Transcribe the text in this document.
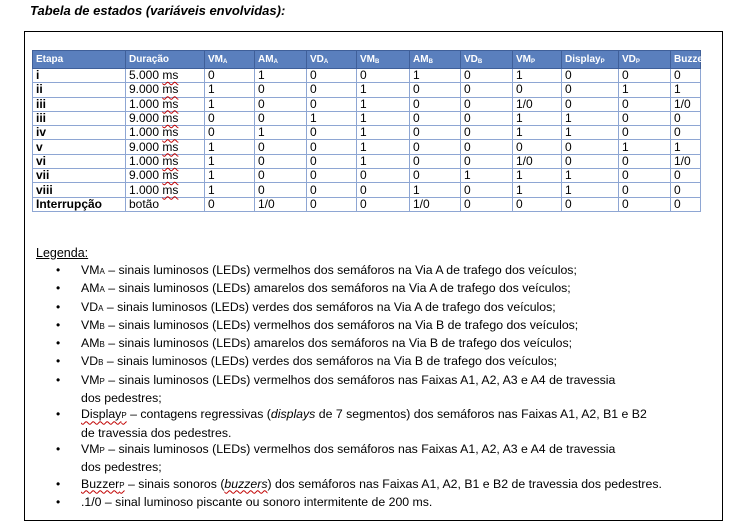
Tabela de estados (variáveis envolvidas):
Etapa	Duração	$VM_A$	$AM_A$	$VD_A$	$VM_B$	$AM_B$	$VD_B$	$VM_P$	Display$_P$	$VD_P$	Buzzer$_P$
i	5.000 ms	0	1	0	0	1	0	1	0	0	0
ii	9.000 ms	1	0	0	1	0	0	0	0	1	1
iii	1.000 ms	1	0	0	1	0	0	1/0	0	0	1/0
iii	9.000 ms	0	0	1	1	0	0	1	1	0	0
iv	1.000 ms	0	1	0	1	0	0	1	1	0	0
v	9.000 ms	1	0	0	1	0	0	0	0	1	1
vi	1.000 ms	1	0	0	1	0	0	1/0	0	0	1/0
vii	9.000 ms	1	0	0	0	0	1	1	1	0	0
viii	1.000 ms	1	0	0	0	1	0	1	1	0	0
Interrupção	botão	0	1/0	0	0	1/0	0	0	0	0	0
Legenda:
• VMA – sinais luminosos (LEDs) vermelhos dos semáforos na Via A de trafego dos veículos;
• AMA – sinais luminosos (LEDs) amarelos dos semáforos na Via A de trafego dos veículos;
• VDA – sinais luminosos (LEDs) verdes dos semáforos na Via A de trafego dos veículos;
• VMB – sinais luminosos (LEDs) vermelhos dos semáforos na Via B de trafego dos veículos;
• AMB – sinais luminosos (LEDs) amarelos dos semáforos na Via B de trafego dos veículos;
• VDB – sinais luminosos (LEDs) verdes dos semáforos na Via B de trafego dos veículos;
• VMP – sinais luminosos (LEDs) vermelhos dos semáforos nas Faixas A1, A2, A3 e A4 de travessia
dos pedestres;
• DisplayP – contagens regressivas (displays de 7 segmentos) dos semáforos nas Faixas A1, A2, B1 e B2
de travessia dos pedestres.
• VMP – sinais luminosos (LEDs) vermelhos dos semáforos nas Faixas A1, A2, A3 e A4 de travessia
dos pedestres;
• BuzzerP – sinais sonoros (buzzers) dos semáforos nas Faixas A1, A2, B1 e B2 de travessia dos pedestres.
• .1/0 – sinal luminoso piscante ou sonoro intermitente de 200 ms.
